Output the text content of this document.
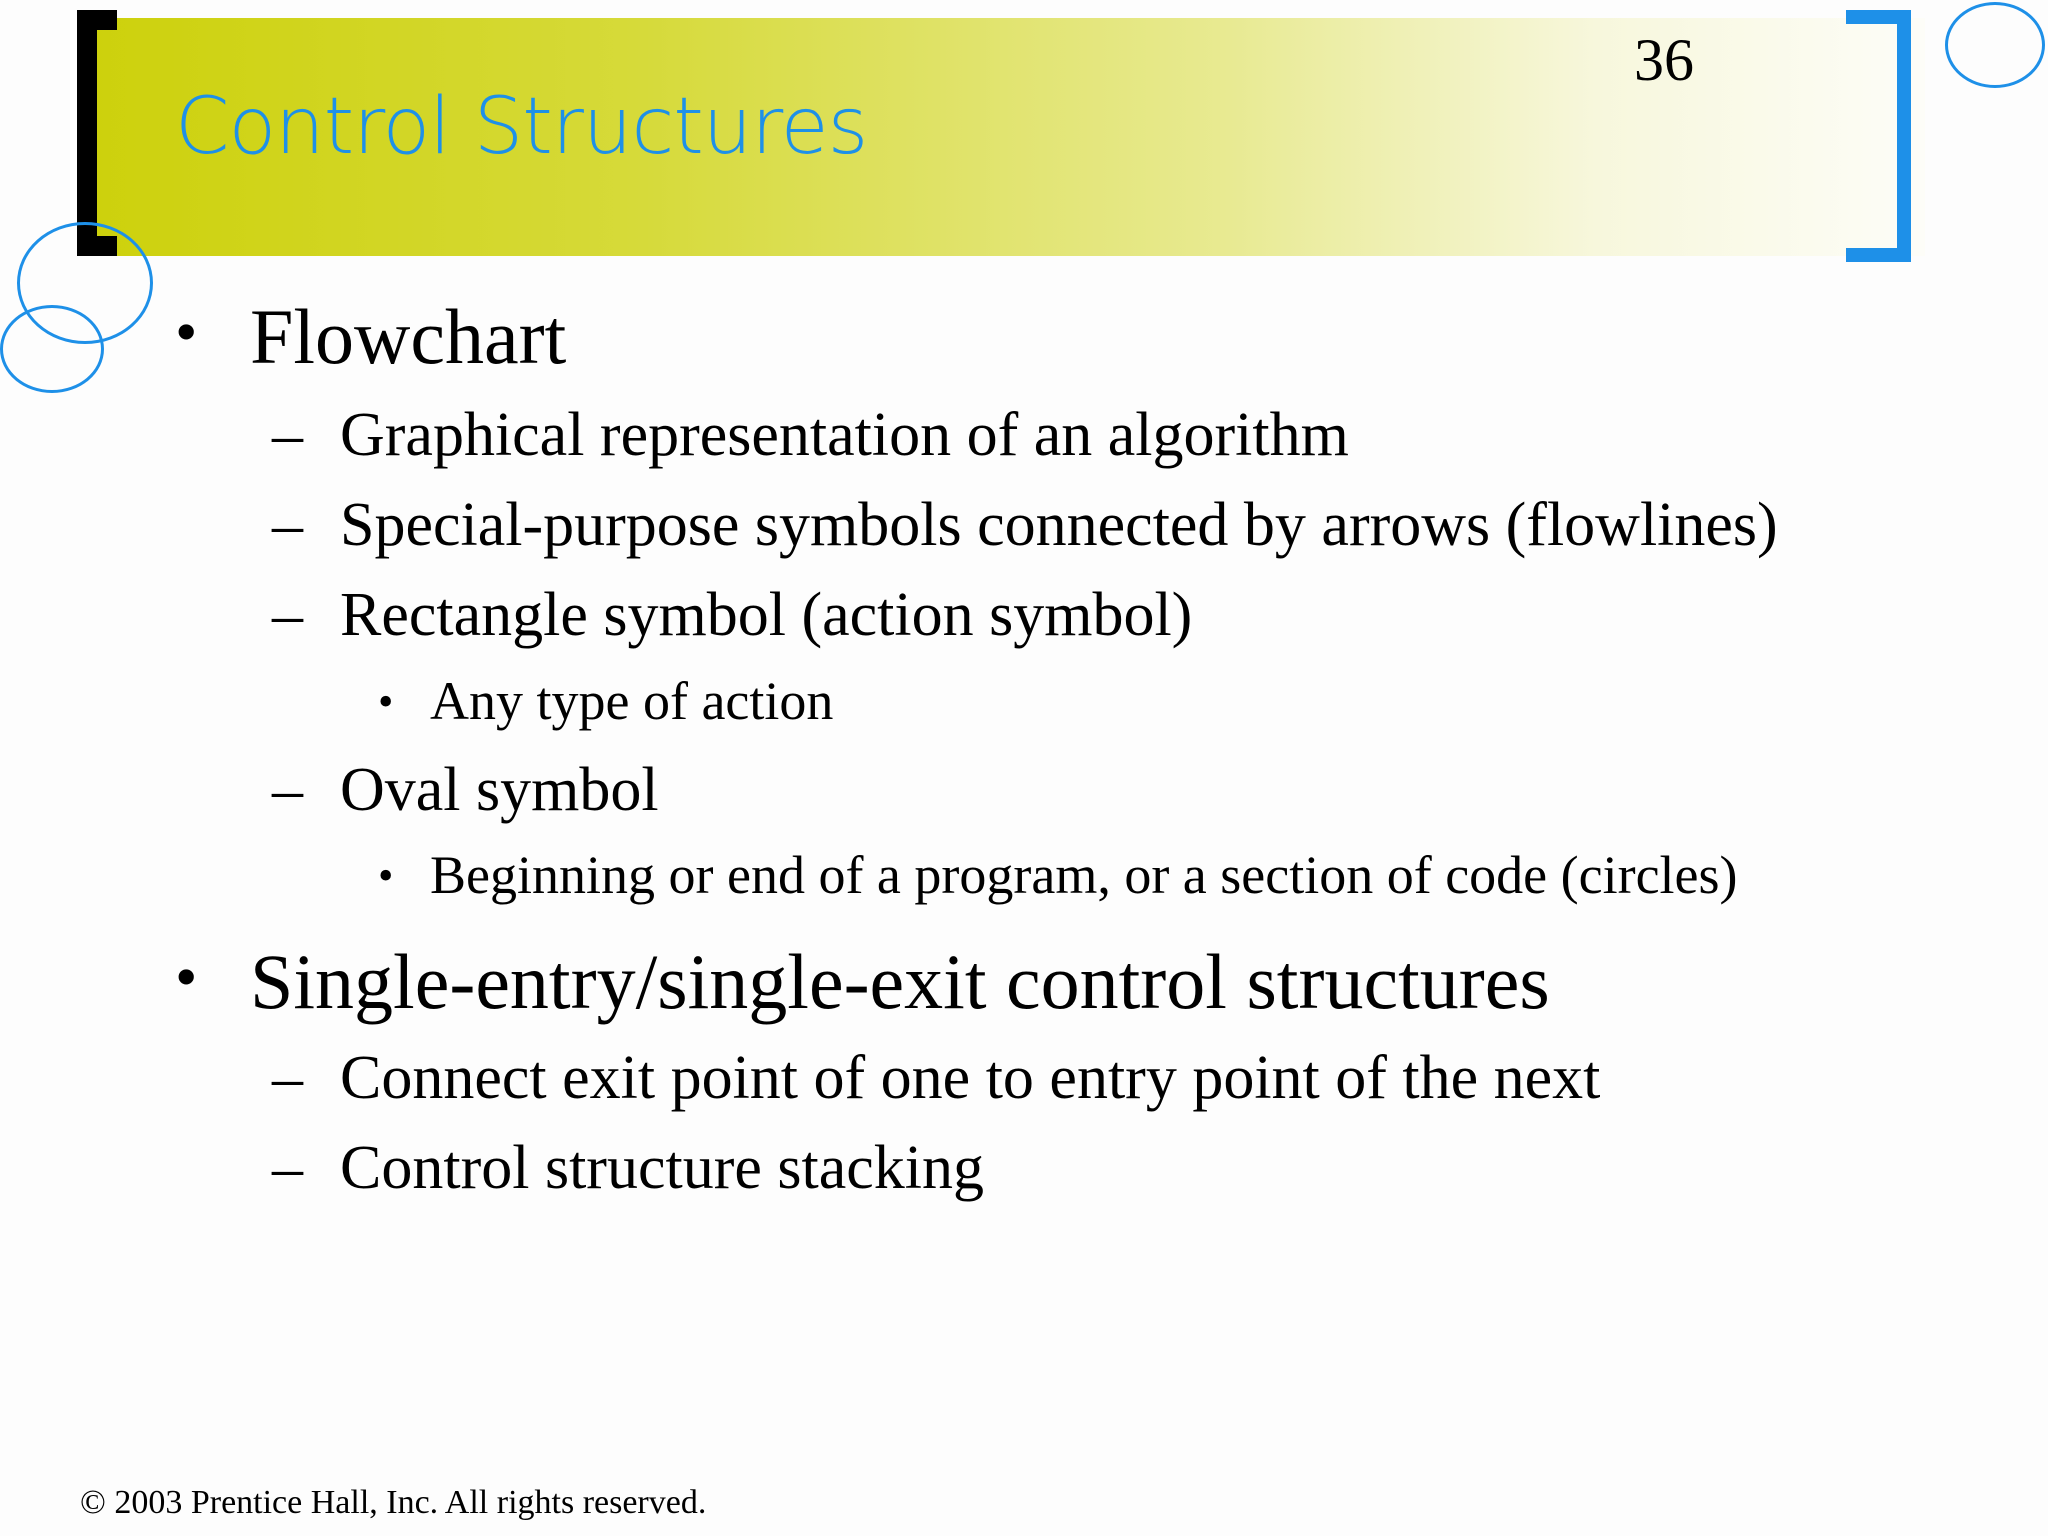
Control Structures
36
• Flowchart
– Graphical representation of an algorithm
– Special-purpose symbols connected by arrows (flowlines)
– Rectangle symbol (action symbol)
• Any type of action
– Oval symbol
• Beginning or end of a program, or a section of code (circles)
• Single-entry/single-exit control structures
– Connect exit point of one to entry point of the next
– Control structure stacking
© 2003 Prentice Hall, Inc. All rights reserved.
